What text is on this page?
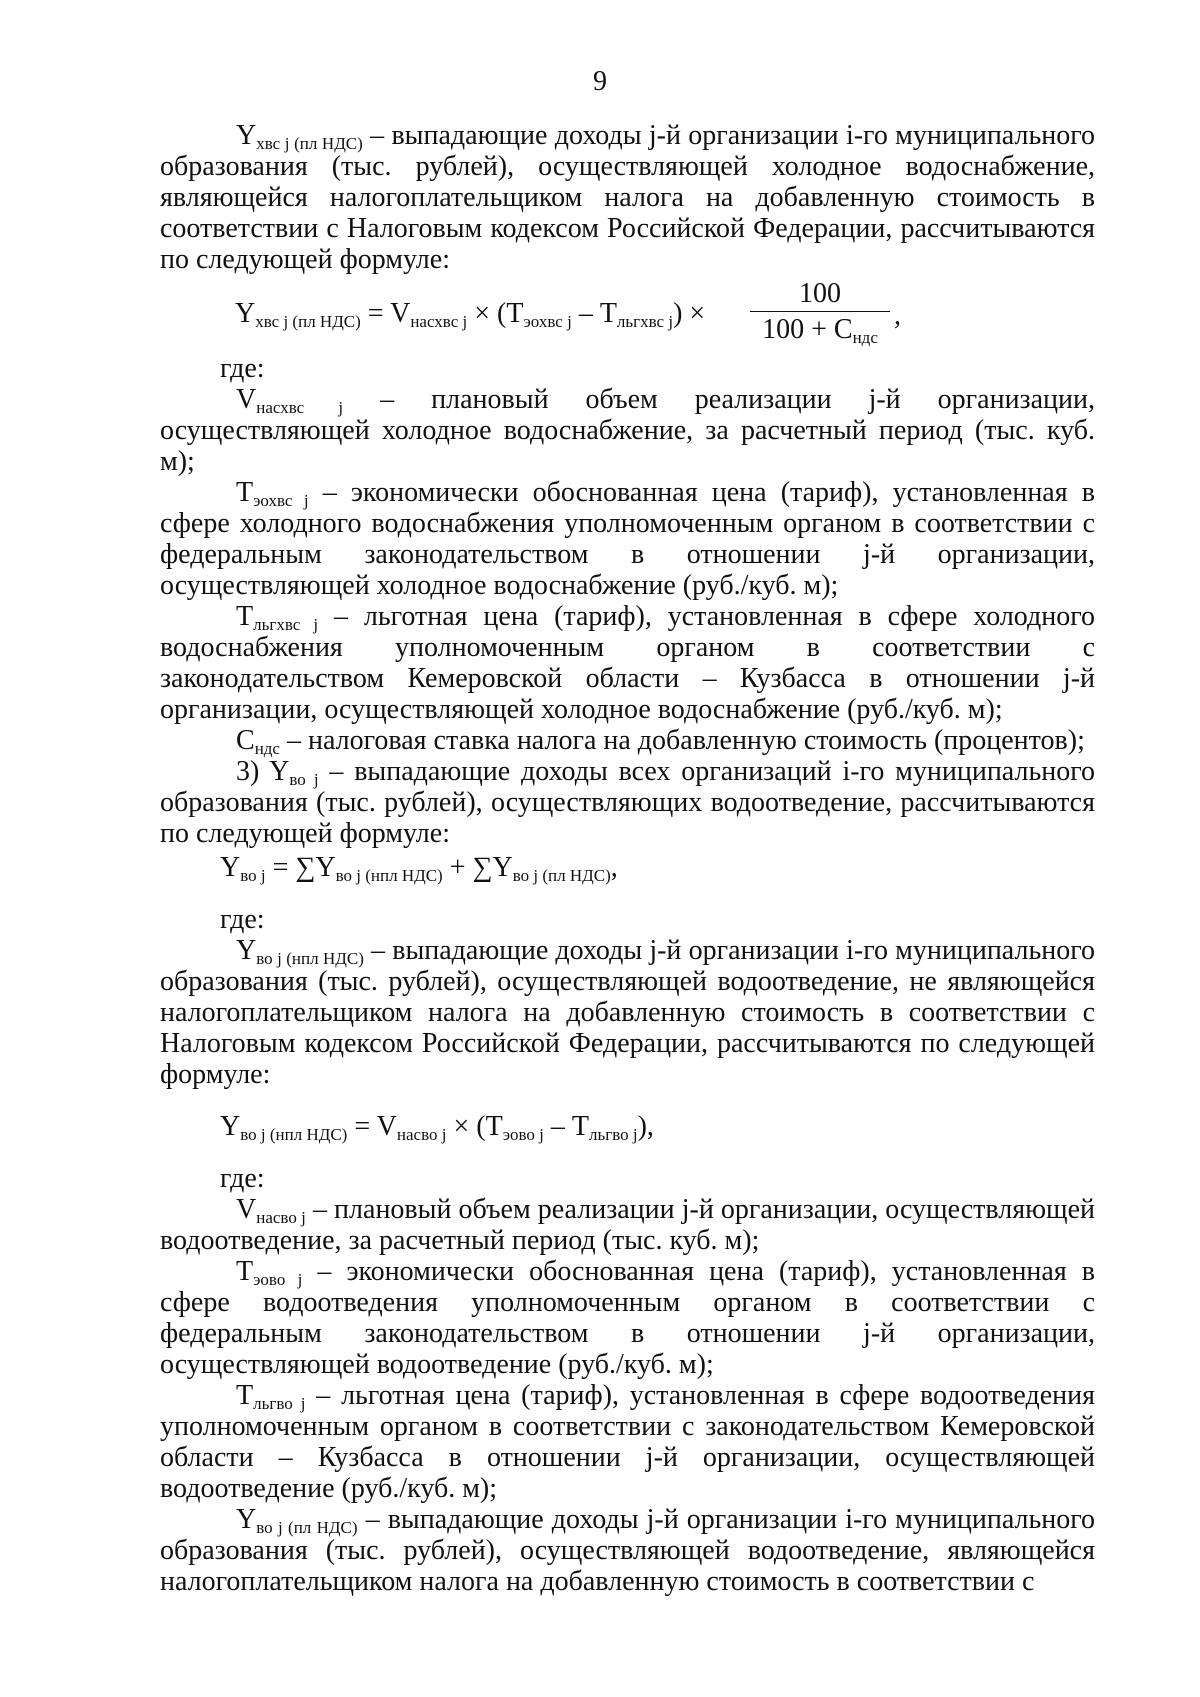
9

$Y_{хвс j (пл НДС)}$ – выпадающие доходы j-й организации i-го муниципального образования (тыс. рублей), осуществляющей холодное водоснабжение, являющейся налогоплательщиком налога на добавленную стоимость в соответствии с Налоговым кодексом Российской Федерации, рассчитываются по следующей формуле:

$Y_{хвс j (пл НДС)} = V_{насхвс j} \times (Т_{эохвс j} - Т_{льгхвс j})$ ×
100
$100 + С_{ндс}$
,

где:

$V_{насхвс j}$ – плановый объем реализации j-й организации, осуществляющей холодное водоснабжение, за расчетный период (тыс. куб. м);

$Т_{эохвс j}$ – экономически обоснованная цена (тариф), установленная в сфере холодного водоснабжения уполномоченным органом в соответствии с федеральным законодательством в отношении j-й организации, осуществляющей холодное водоснабжение (руб./куб. м);

$Т_{льгхвс j}$ – льготная цена (тариф), установленная в сфере холодного водоснабжения уполномоченным органом в соответствии с законодательством Кемеровской области – Кузбасса в отношении j-й организации, осуществляющей холодное водоснабжение (руб./куб. м);

$С_{ндс}$ – налоговая ставка налога на добавленную стоимость (процентов);

3) $Y_{во j}$ – выпадающие доходы всех организаций i-го муниципального образования (тыс. рублей), осуществляющих водоотведение, рассчитываются по следующей формуле:

$Y_{во j} = \sum Y_{во j (нпл НДС)} + \sum Y_{во j (пл НДС)}$,

где:

$Y_{во j (нпл НДС)}$ – выпадающие доходы j-й организации i-го муниципального образования (тыс. рублей), осуществляющей водоотведение, не являющейся налогоплательщиком налога на добавленную стоимость в соответствии с Налоговым кодексом Российской Федерации, рассчитываются по следующей формуле:

$Y_{во j (нпл НДС)} = V_{насво j} \times (Т_{эово j} - Т_{льгво j})$,

где:

$V_{насво j}$ – плановый объем реализации j-й организации, осуществляющей водоотведение, за расчетный период (тыс. куб. м);

$Т_{эово j}$ – экономически обоснованная цена (тариф), установленная в сфере водоотведения уполномоченным органом в соответствии с федеральным законодательством в отношении j-й организации, осуществляющей водоотведение (руб./куб. м);

$Т_{льгво j}$ – льготная цена (тариф), установленная в сфере водоотведения уполномоченным органом в соответствии с законодательством Кемеровской области – Кузбасса в отношении j-й организации, осуществляющей водоотведение (руб./куб. м);

$Y_{во j (пл НДС)}$ – выпадающие доходы j-й организации i-го муниципального образования (тыс. рублей), осуществляющей водоотведение, являющейся налогоплательщиком налога на добавленную стоимость в соответствии с
